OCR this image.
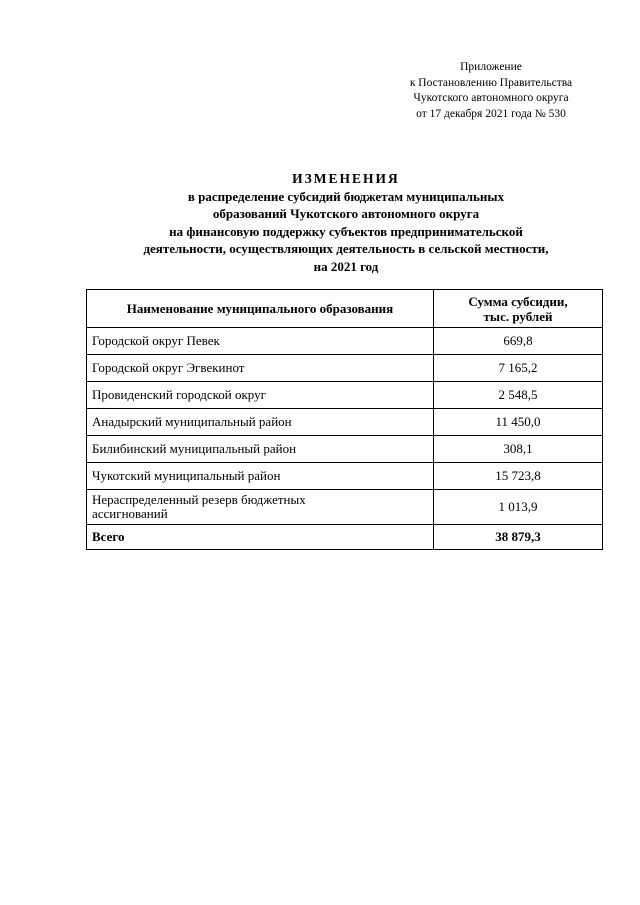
Приложение
к Постановлению Правительства
Чукотского автономного округа
от 17 декабря 2021 года № 530
ИЗМЕНЕНИЯ
в распределение субсидий бюджетам муниципальных
образований Чукотского автономного округа
на финансовую поддержку субъектов предпринимательской
деятельности, осуществляющих деятельность в сельской местности,
на 2021 год
Наименование муниципального образования	Сумма субсидии,
тыс. рублей

Городской округ Певек	669,8
Городской округ Эгвекинот	7 165,2
Провиденский городской округ	2 548,5
Анадырский муниципальный район	11 450,0
Билибинский муниципальный район	308,1
Чукотский муниципальный район	15 723,8

Нераспределенный резерв бюджетных
ассигнований	1 013,9
Всего	38 879,3
